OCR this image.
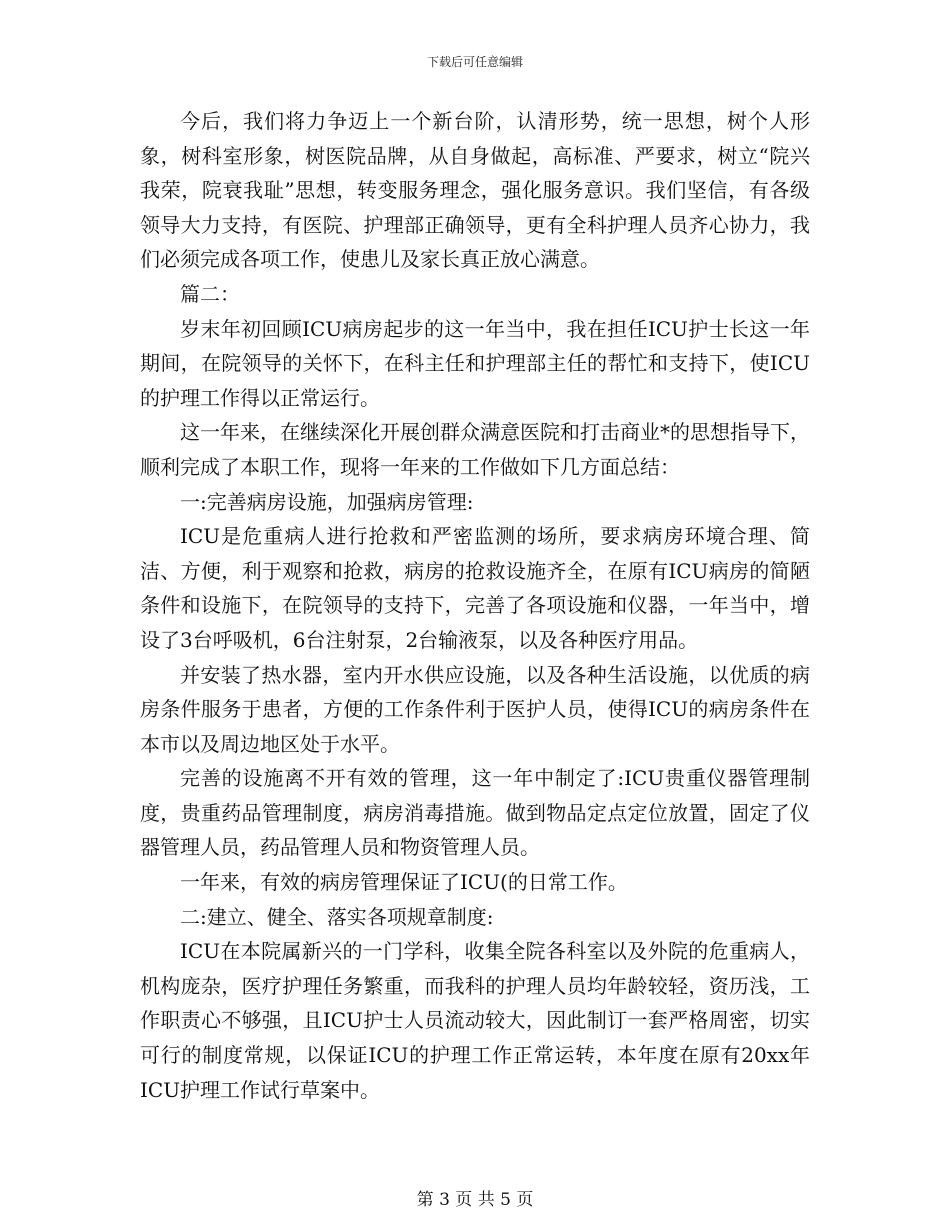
下载后可任意编辑

今后，我们将力争迈上一个新台阶，认清形势，统一思想，树个人形象，树科室形象，树医院品牌，从自身做起，高标准、严要求，树立“院兴我荣，院衰我耻”思想，转变服务理念，强化服务意识。我们坚信，有各级领导大力支持，有医院、护理部正确领导，更有全科护理人员齐心协力，我们必须完成各项工作，使患儿及家长真正放心满意。

篇二：

岁末年初回顾ICU病房起步的这一年当中，我在担任ICU护士长这一年期间，在院领导的关怀下，在科主任和护理部主任的帮忙和支持下，使ICU的护理工作得以正常运行。

这一年来，在继续深化开展创群众满意医院和打击商业*的思想指导下，顺利完成了本职工作，现将一年来的工作做如下几方面总结：

一:完善病房设施，加强病房管理:

ICU是危重病人进行抢救和严密监测的场所，要求病房环境合理、简洁、方便，利于观察和抢救，病房的抢救设施齐全，在原有ICU病房的简陋条件和设施下，在院领导的支持下，完善了各项设施和仪器，一年当中，增设了3台呼吸机，6台注射泵，2台输液泵，以及各种医疗用品。

并安装了热水器，室内开水供应设施，以及各种生活设施，以优质的病房条件服务于患者，方便的工作条件利于医护人员，使得ICU的病房条件在本市以及周边地区处于水平。

完善的设施离不开有效的管理，这一年中制定了:ICU贵重仪器管理制度，贵重药品管理制度，病房消毒措施。做到物品定点定位放置，固定了仪器管理人员，药品管理人员和物资管理人员。

一年来，有效的病房管理保证了ICU(的日常工作。

二:建立、健全、落实各项规章制度:

ICU在本院属新兴的一门学科，收集全院各科室以及外院的危重病人，机构庞杂，医疗护理任务繁重，而我科的护理人员均年龄较轻，资历浅，工作职责心不够强，且ICU护士人员流动较大，因此制订一套严格周密，切实可行的制度常规，以保证ICU的护理工作正常运转，本年度在原有20xx年ICU护理工作试行草案中。

第 3 页 共 5 页
